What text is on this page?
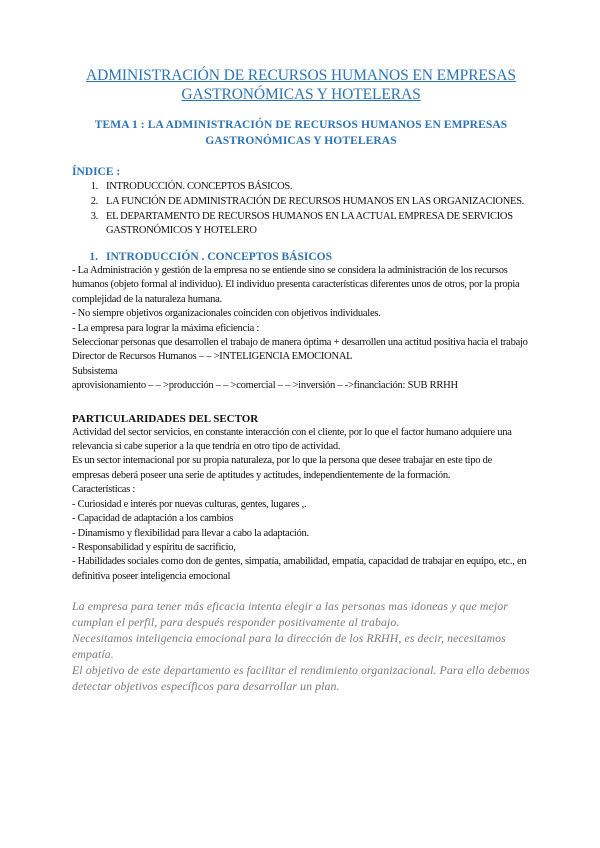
ADMINISTRACIÓN DE RECURSOS HUMANOS EN EMPRESAS
GASTRONÓMICAS Y HOTELERAS
TEMA 1 : LA ADMINISTRACIÓN DE RECURSOS HUMANOS EN EMPRESAS
GASTRONÓMICAS Y HOTELERAS
ÍNDICE :
1. INTRODUCCIÓN. CONCEPTOS BÁSICOS.
2. LA FUNCIÓN DE ADMINISTRACIÓN DE RECURSOS HUMANOS EN LAS ORGANIZACIONES.
3. EL DEPARTAMENTO DE RECURSOS HUMANOS EN LA ACTUAL EMPRESA DE SERVICIOS GASTRONÓMICOS Y HOTELERO
1. INTRODUCCIÓN . CONCEPTOS BÁSICOS

- La Administración y gestión de la empresa no se entiende sino se considera la administración de los recursos humanos (objeto formal al individuo). El individuo presenta características diferentes unos de otros, por la propia complejidad de la naturaleza humana.

- No siempre objetivos organizacionales coinciden con objetivos individuales.

- La empresa para lograr la máxima eficiencia :

Seleccionar personas que desarrollen el trabajo de manera óptima + desarrollen una actitud positiva hacia el trabajo

Director de Recursos Humanos – – >INTELIGENCIA EMOCIONAL

Subsistema

aprovisionamiento – – >producción – – >comercial – – >inversión – ->financiación: SUB RRHH

PARTICULARIDADES DEL SECTOR

Actividad del sector servicios, en constante interacción con el cliente, por lo que el factor humano adquiere una relevancia si cabe superior a la que tendría en otro tipo de actividad.

Es un sector internacional por su propia naturaleza, por lo que la persona que desee trabajar en este tipo de empresas deberá poseer una serie de aptitudes y actitudes, independientemente de la formación.

Características :

- Curiosidad e interés por nuevas culturas, gentes, lugares ,.

- Capacidad de adaptación a los cambios

- Dinamismo y flexibilidad para llevar a cabo la adaptación.

- Responsabilidad y espíritu de sacrificio,

- Habilidades sociales como don de gentes, simpatía, amabilidad, empatía, capacidad de trabajar en equipo, etc., en definitiva poseer inteligencia emocional

La empresa para tener más eficacia intenta elegir a las personas mas idoneas y que mejor cumplan el perfil, para después responder positivamente al trabajo.

Necesitamos inteligencia emocional para la dirección de los RRHH, es decir, necesitamos empatía.

El objetivo de este departamento es facilitar el rendimiento organizacional. Para ello debemos detectar objetivos específicos para desarrollar un plan.
